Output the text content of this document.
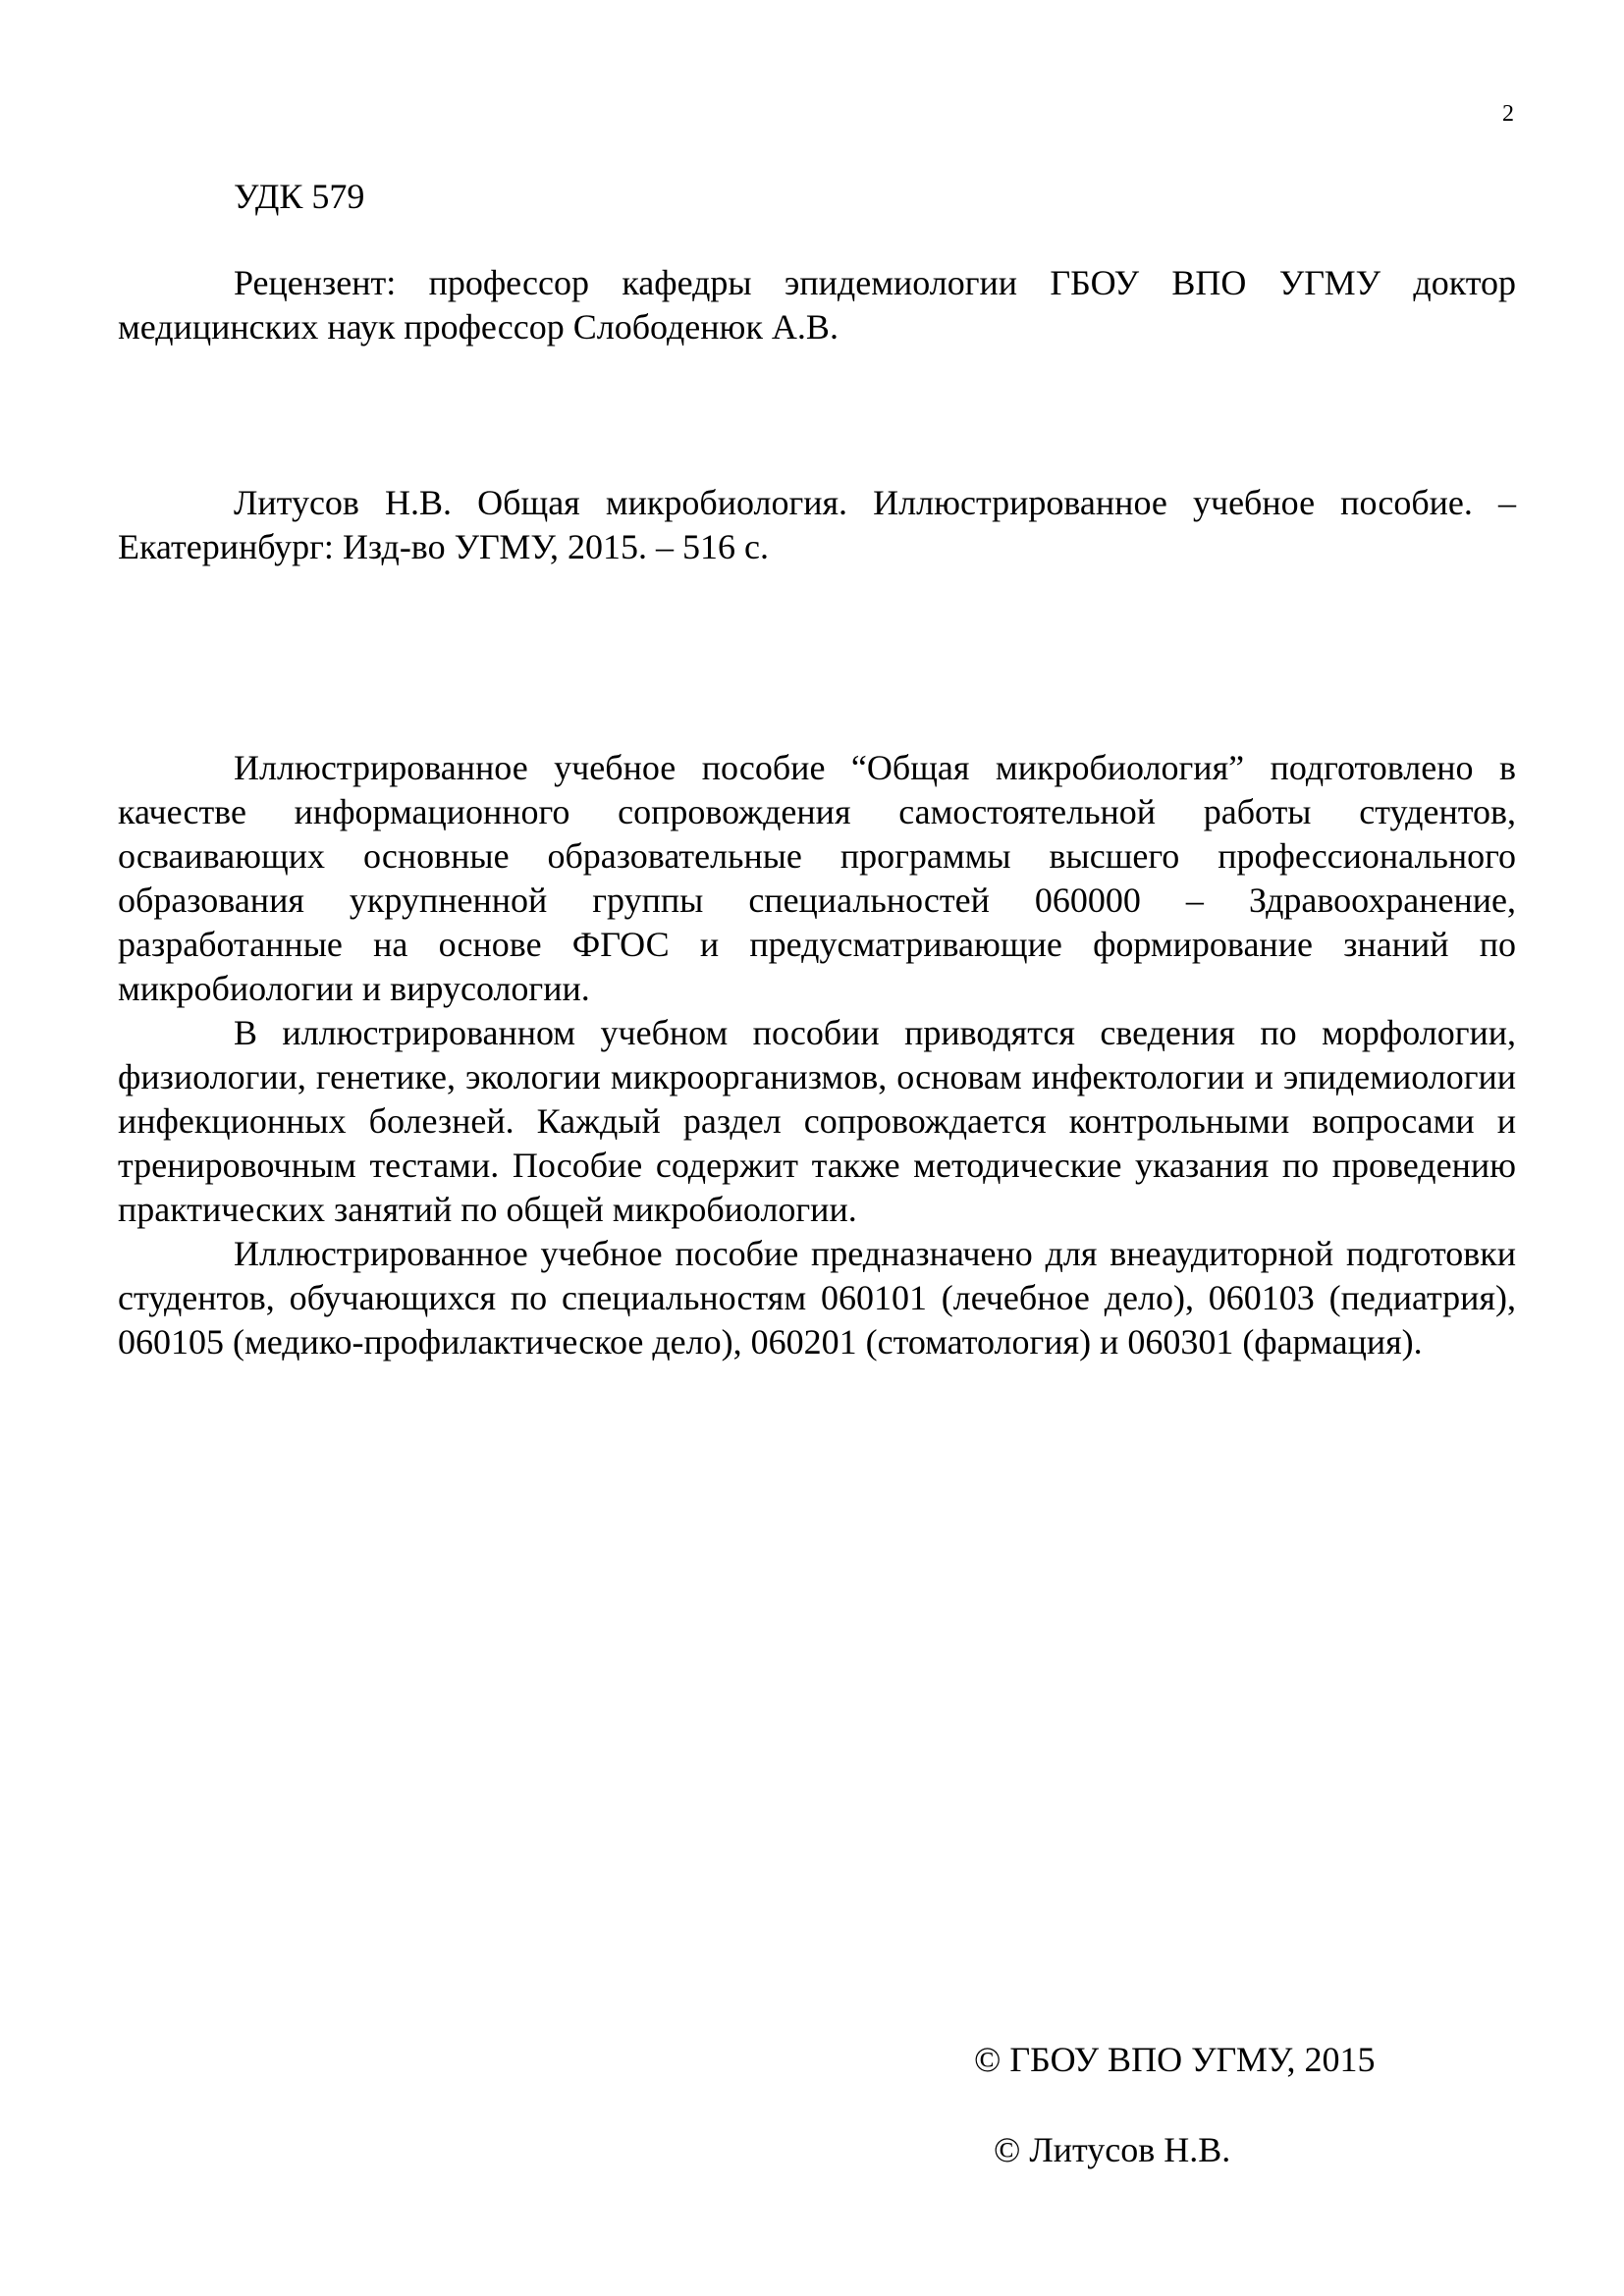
2
УДК 579

Рецензент: профессор кафедры эпидемиологии ГБОУ ВПО УГМУ доктор медицинских наук профессор Слободенюк А.В.

Литусов Н.В. Общая микробиология. Иллюстрированное учебное пособие. – Екатеринбург: Изд-во УГМУ, 2015. – 516 с.

Иллюстрированное учебное пособие “Общая микробиология” подготовлено в качестве информационного сопровождения самостоятельной работы студентов, осваивающих основные образовательные программы высшего профессионального образования укрупненной группы специальностей 060000 – Здравоохранение, разработанные на основе ФГОС и предусматривающие формирование знаний по микробиологии и вирусологии.

В иллюстрированном учебном пособии приводятся сведения по морфологии, физиологии, генетике, экологии микроорганизмов, основам инфектологии и эпидемиологии инфекционных болезней. Каждый раздел сопровождается контрольными вопросами и тренировочным тестами. Пособие содержит также методические указания по проведению практических занятий по общей микробиологии.

Иллюстрированное учебное пособие предназначено для внеаудиторной подготовки студентов, обучающихся по специальностям 060101 (лечебное дело), 060103 (педиатрия), 060105 (медико-профилактическое дело), 060201 (стоматология) и 060301 (фармация).

© ГБОУ ВПО УГМУ, 2015
© Литусов Н.В.
